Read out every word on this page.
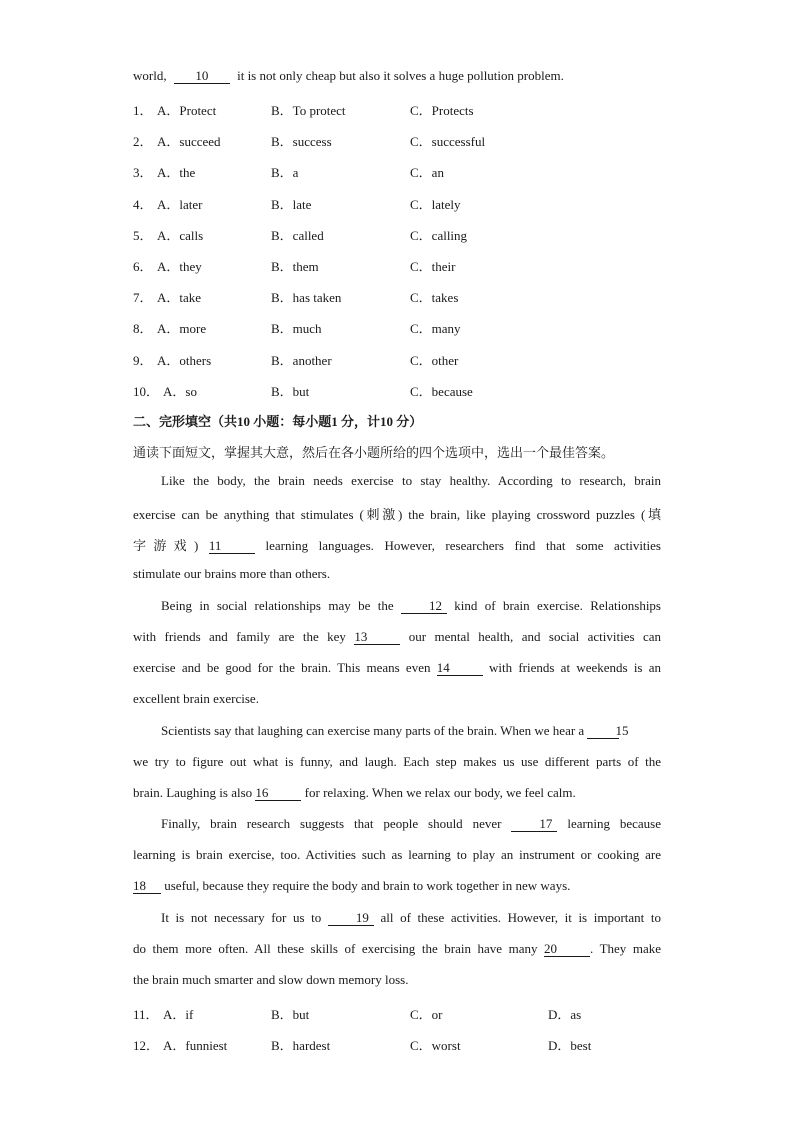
world, 10 it is not only cheap but also it solves a huge pollution problem.
1． A．Protect	B．To protect	C．Protects
2． A．succeed	B．success	C．successful
3． A．the	B．a	C．an
4． A．later	B．late	C．lately
5． A．calls	B．called	C．calling
6． A．they	B．them	C．their
7． A．take	B．has taken	C．takes
8． A．more	B．much	C．many
9． A．others	B．another	C．other
10． A．so	B．but	C．because
二、完形填空（共10 小题：每小题1 分，计10 分）
通读下面短文，掌握其大意，然后在各小题所给的四个选项中，选出一个最佳答案。
Like the body, the brain needs exercise to stay healthy. According to research, brain
exercise can be anything that stimulates (刺激) the brain, like playing crossword puzzles (填
字游戏) 11	learning languages. However, researchers find that some activities
stimulate our brains more than others.
Being in social relationships may be the 12 kind of brain exercise. Relationships
with friends and family are the key 13	our mental health, and social activities can
exercise and be good for the brain. This means even 14	with friends at weekends is an
excellent brain exercise.
Scientists say that laughing can exercise many parts of the brain. When we hear a 15
we try to figure out what is funny, and laugh. Each step makes us use different parts of the
brain. Laughing is also 16	for relaxing. When we relax our body, we feel calm.
Finally, brain research suggests that people should never 17 learning because
learning is brain exercise, too. Activities such as learning to play an instrument or cooking are
18 useful, because they require the body and brain to work together in new ways.
It is not necessary for us to 19 all of these activities. However, it is important to
do them more often. All these skills of exercising the brain have many 20	. They make
the brain much smarter and slow down memory loss.
11． A．if	B．but	C．or	D．as
12． A．funniest	B．hardest	C．worst	D．best
